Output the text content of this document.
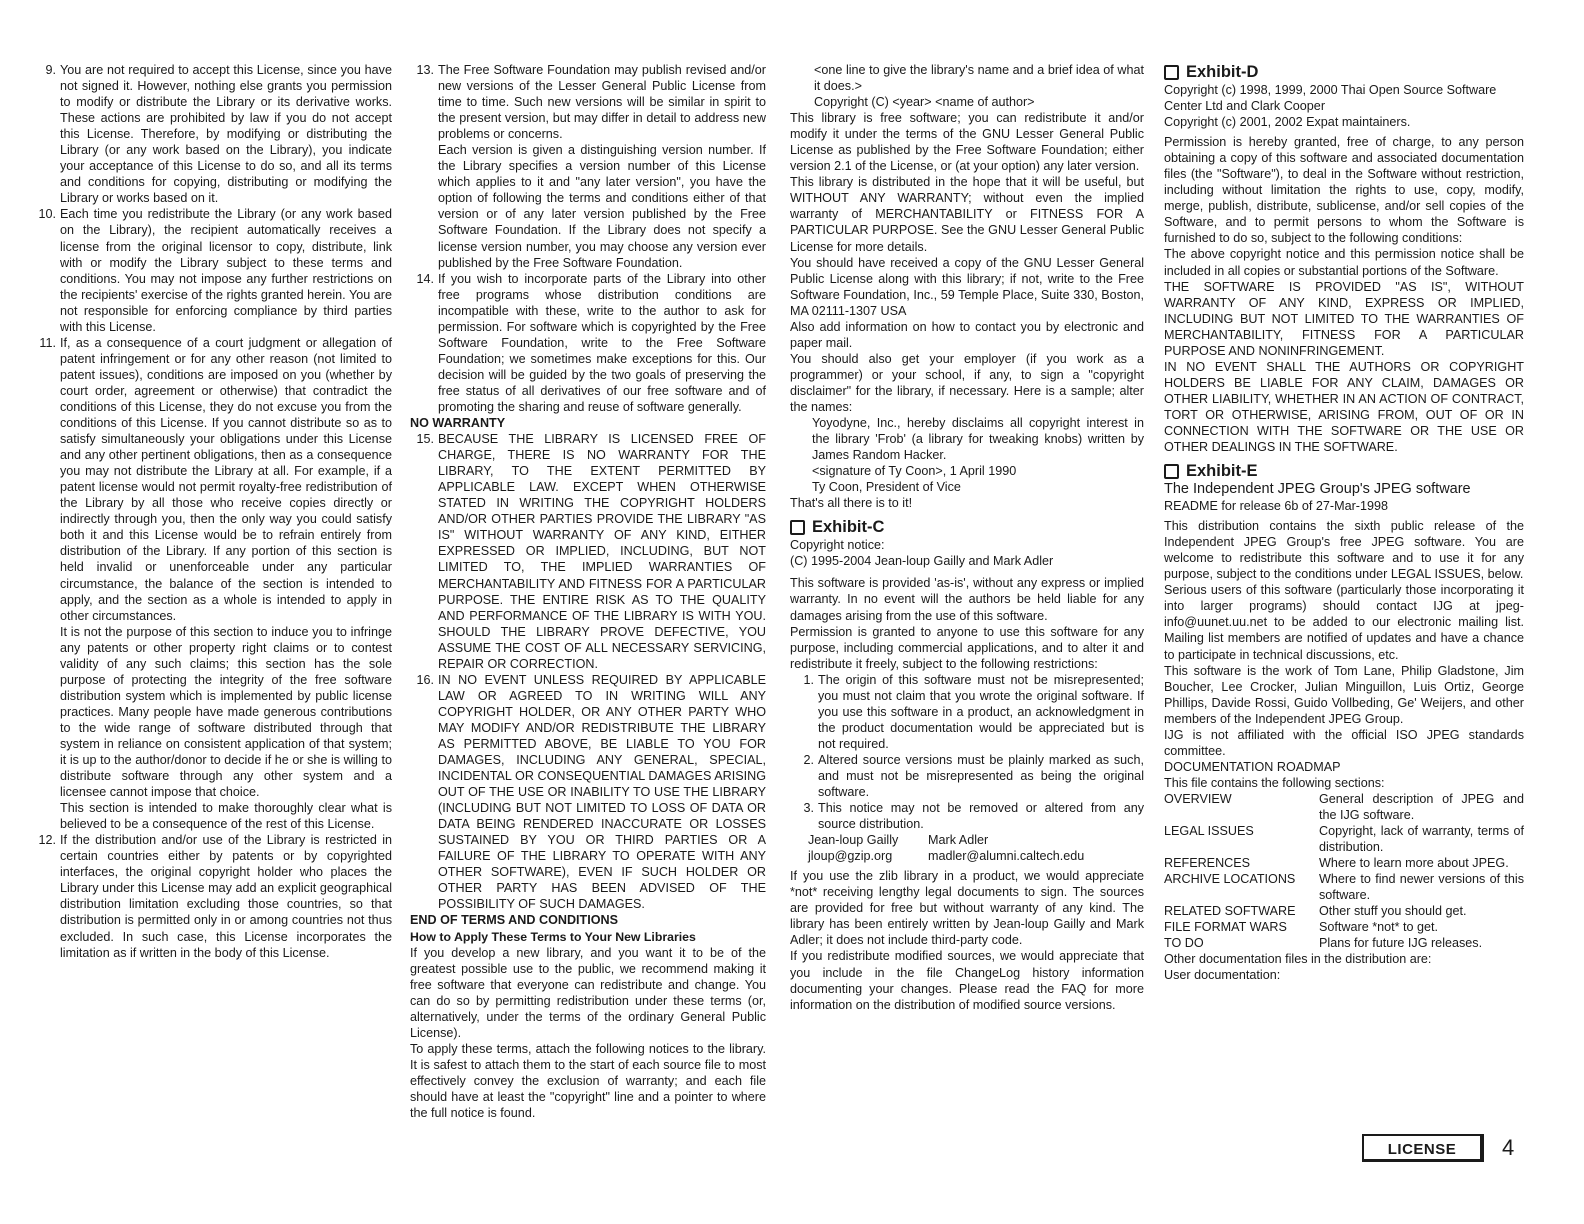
9. You are not required to accept this License, since you have not signed it. However, nothing else grants you permission to modify or distribute the Library or its derivative works. These actions are prohibited by law if you do not accept this License. Therefore, by modifying or distributing the Library (or any work based on the Library), you indicate your acceptance of this License to do so, and all its terms and conditions for copying, distributing or modifying the Library or works based on it.

10. Each time you redistribute the Library (or any work based on the Library), the recipient automatically receives a license from the original licensor to copy, distribute, link with or modify the Library subject to these terms and conditions. You may not impose any further restrictions on the recipients' exercise of the rights granted herein. You are not responsible for enforcing compliance by third parties with this License.

11. If, as a consequence of a court judgment or allegation of patent infringement or for any other reason (not limited to patent issues), conditions are imposed on you (whether by court order, agreement or otherwise) that contradict the conditions of this License, they do not excuse you from the conditions of this License. If you cannot distribute so as to satisfy simultaneously your obligations under this License and any other pertinent obligations, then as a consequence you may not distribute the Library at all. For example, if a patent license would not permit royalty-free redistribution of the Library by all those who receive copies directly or indirectly through you, then the only way you could satisfy both it and this License would be to refrain entirely from distribution of the Library. If any portion of this section is held invalid or unenforceable under any particular circumstance, the balance of the section is intended to apply, and the section as a whole is intended to apply in other circumstances.

It is not the purpose of this section to induce you to infringe any patents or other property right claims or to contest validity of any such claims; this section has the sole purpose of protecting the integrity of the free software distribution system which is implemented by public license practices. Many people have made generous contributions to the wide range of software distributed through that system in reliance on consistent application of that system; it is up to the author/donor to decide if he or she is willing to distribute software through any other system and a licensee cannot impose that choice.

This section is intended to make thoroughly clear what is believed to be a consequence of the rest of this License.

12. If the distribution and/or use of the Library is restricted in certain countries either by patents or by copyrighted interfaces, the original copyright holder who places the Library under this License may add an explicit geographical distribution limitation excluding those countries, so that distribution is permitted only in or among countries not thus excluded. In such case, this License incorporates the limitation as if written in the body of this License.

13. The Free Software Foundation may publish revised and/or new versions of the Lesser General Public License from time to time. Such new versions will be similar in spirit to the present version, but may differ in detail to address new problems or concerns.

Each version is given a distinguishing version number. If the Library specifies a version number of this License which applies to it and "any later version", you have the option of following the terms and conditions either of that version or of any later version published by the Free Software Foundation. If the Library does not specify a license version number, you may choose any version ever published by the Free Software Foundation.

14. If you wish to incorporate parts of the Library into other free programs whose distribution conditions are incompatible with these, write to the author to ask for permission. For software which is copyrighted by the Free Software Foundation, write to the Free Software Foundation; we sometimes make exceptions for this. Our decision will be guided by the two goals of preserving the free status of all derivatives of our free software and of promoting the sharing and reuse of software generally.

NO WARRANTY

15. BECAUSE THE LIBRARY IS LICENSED FREE OF CHARGE, THERE IS NO WARRANTY FOR THE LIBRARY, TO THE EXTENT PERMITTED BY APPLICABLE LAW. EXCEPT WHEN OTHERWISE STATED IN WRITING THE COPYRIGHT HOLDERS AND/OR OTHER PARTIES PROVIDE THE LIBRARY "AS IS" WITHOUT WARRANTY OF ANY KIND, EITHER EXPRESSED OR IMPLIED, INCLUDING, BUT NOT LIMITED TO, THE IMPLIED WARRANTIES OF MERCHANTABILITY AND FITNESS FOR A PARTICULAR PURPOSE. THE ENTIRE RISK AS TO THE QUALITY AND PERFORMANCE OF THE LIBRARY IS WITH YOU. SHOULD THE LIBRARY PROVE DEFECTIVE, YOU ASSUME THE COST OF ALL NECESSARY SERVICING, REPAIR OR CORRECTION.

16. IN NO EVENT UNLESS REQUIRED BY APPLICABLE LAW OR AGREED TO IN WRITING WILL ANY COPYRIGHT HOLDER, OR ANY OTHER PARTY WHO MAY MODIFY AND/OR REDISTRIBUTE THE LIBRARY AS PERMITTED ABOVE, BE LIABLE TO YOU FOR DAMAGES, INCLUDING ANY GENERAL, SPECIAL, INCIDENTAL OR CONSEQUENTIAL DAMAGES ARISING OUT OF THE USE OR INABILITY TO USE THE LIBRARY (INCLUDING BUT NOT LIMITED TO LOSS OF DATA OR DATA BEING RENDERED INACCURATE OR LOSSES SUSTAINED BY YOU OR THIRD PARTIES OR A FAILURE OF THE LIBRARY TO OPERATE WITH ANY OTHER SOFTWARE), EVEN IF SUCH HOLDER OR OTHER PARTY HAS BEEN ADVISED OF THE POSSIBILITY OF SUCH DAMAGES.

END OF TERMS AND CONDITIONS

How to Apply These Terms to Your New Libraries

If you develop a new library, and you want it to be of the greatest possible use to the public, we recommend making it free software that everyone can redistribute and change. You can do so by permitting redistribution under these terms (or, alternatively, under the terms of the ordinary General Public License).

To apply these terms, attach the following notices to the library. It is safest to attach them to the start of each source file to most effectively convey the exclusion of warranty; and each file should have at least the "copyright" line and a pointer to where the full notice is found.

<one line to give the library's name and a brief idea of what it does.>

Copyright (C) <year> <name of author>

This library is free software; you can redistribute it and/or modify it under the terms of the GNU Lesser General Public License as published by the Free Software Foundation; either version 2.1 of the License, or (at your option) any later version.

This library is distributed in the hope that it will be useful, but WITHOUT ANY WARRANTY; without even the implied warranty of MERCHANTABILITY or FITNESS FOR A PARTICULAR PURPOSE. See the GNU Lesser General Public License for more details.

You should have received a copy of the GNU Lesser General Public License along with this library; if not, write to the Free Software Foundation, Inc., 59 Temple Place, Suite 330, Boston, MA 02111-1307 USA

Also add information on how to contact you by electronic and paper mail.

You should also get your employer (if you work as a programmer) or your school, if any, to sign a "copyright disclaimer" for the library, if necessary. Here is a sample; alter the names:

Yoyodyne, Inc., hereby disclaims all copyright interest in the library 'Frob' (a library for tweaking knobs) written by James Random Hacker.

<signature of Ty Coon>, 1 April 1990

Ty Coon, President of Vice

That's all there is to it!

Exhibit-C

Copyright notice:

(C) 1995-2004 Jean-loup Gailly and Mark Adler

This software is provided 'as-is', without any express or implied warranty. In no event will the authors be held liable for any damages arising from the use of this software.

Permission is granted to anyone to use this software for any purpose, including commercial applications, and to alter it and redistribute it freely, subject to the following restrictions:

1. The origin of this software must not be misrepresented; you must not claim that you wrote the original software. If you use this software in a product, an acknowledgment in the product documentation would be appreciated but is not required.

2. Altered source versions must be plainly marked as such, and must not be misrepresented as being the original software.

3. This notice may not be removed or altered from any source distribution.

Jean-loup Gailly	Mark Adler
jloup@gzip.org	madler@alumni.caltech.edu

If you use the zlib library in a product, we would appreciate *not* receiving lengthy legal documents to sign. The sources are provided for free but without warranty of any kind. The library has been entirely written by Jean-loup Gailly and Mark Adler; it does not include third-party code.

If you redistribute modified sources, we would appreciate that you include in the file ChangeLog history information documenting your changes. Please read the FAQ for more information on the distribution of modified source versions.

Exhibit-D

Copyright (c) 1998, 1999, 2000 Thai Open Source Software Center Ltd and Clark Cooper

Copyright (c) 2001, 2002 Expat maintainers.

Permission is hereby granted, free of charge, to any person obtaining a copy of this software and associated documentation files (the "Software"), to deal in the Software without restriction, including without limitation the rights to use, copy, modify, merge, publish, distribute, sublicense, and/or sell copies of the Software, and to permit persons to whom the Software is furnished to do so, subject to the following conditions:

The above copyright notice and this permission notice shall be included in all copies or substantial portions of the Software.

THE SOFTWARE IS PROVIDED "AS IS", WITHOUT WARRANTY OF ANY KIND, EXPRESS OR IMPLIED, INCLUDING BUT NOT LIMITED TO THE WARRANTIES OF MERCHANTABILITY, FITNESS FOR A PARTICULAR PURPOSE AND NONINFRINGEMENT.

IN NO EVENT SHALL THE AUTHORS OR COPYRIGHT HOLDERS BE LIABLE FOR ANY CLAIM, DAMAGES OR OTHER LIABILITY, WHETHER IN AN ACTION OF CONTRACT, TORT OR OTHERWISE, ARISING FROM, OUT OF OR IN CONNECTION WITH THE SOFTWARE OR THE USE OR OTHER DEALINGS IN THE SOFTWARE.

Exhibit-E

The Independent JPEG Group's JPEG software

README for release 6b of 27-Mar-1998

This distribution contains the sixth public release of the Independent JPEG Group's free JPEG software. You are welcome to redistribute this software and to use it for any purpose, subject to the conditions under LEGAL ISSUES, below.

Serious users of this software (particularly those incorporating it into larger programs) should contact IJG at jpeg-info@uunet.uu.net to be added to our electronic mailing list. Mailing list members are notified of updates and have a chance to participate in technical discussions, etc.

This software is the work of Tom Lane, Philip Gladstone, Jim Boucher, Lee Crocker, Julian Minguillon, Luis Ortiz, George Phillips, Davide Rossi, Guido Vollbeding, Ge' Weijers, and other members of the Independent JPEG Group.

IJG is not affiliated with the official ISO JPEG standards committee.

DOCUMENTATION ROADMAP

This file contains the following sections:

OVERVIEW	General description of JPEG and the IJG software.
LEGAL ISSUES	Copyright, lack of warranty, terms of distribution.
REFERENCES	Where to learn more about JPEG.
ARCHIVE LOCATIONS	Where to find newer versions of this software.
RELATED SOFTWARE	Other stuff you should get.
FILE FORMAT WARS	Software *not* to get.
TO DO	Plans for future IJG releases.

Other documentation files in the distribution are:

User documentation:

LICENSE	4
